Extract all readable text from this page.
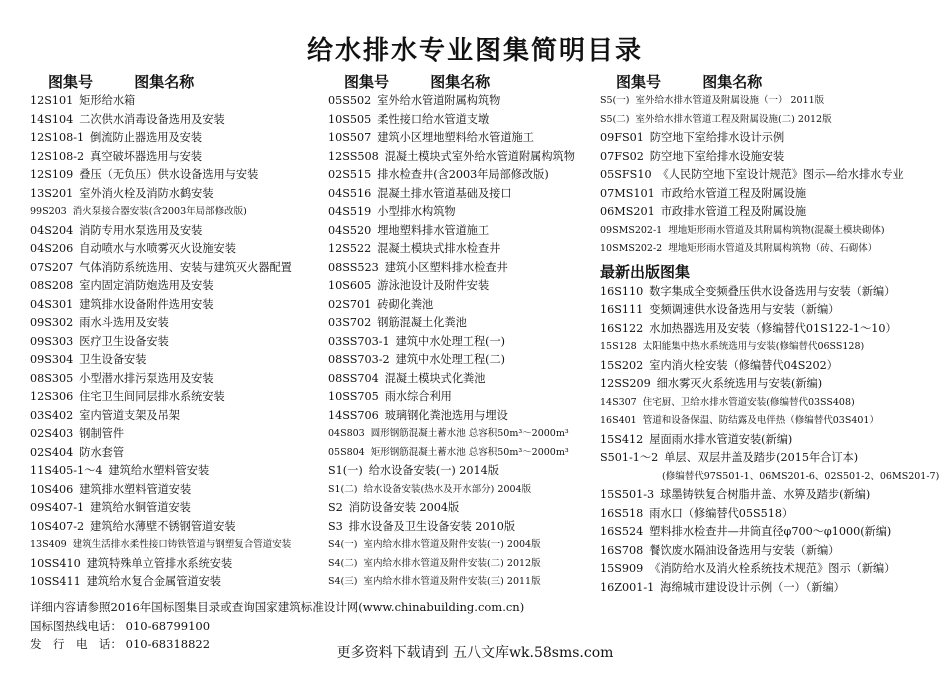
给水排水专业图集简明目录
图集号	图集名称
12S101 矩形给水箱
14S104 二次供水消毒设备选用及安装
12S108-1 倒流防止器选用及安装
12S108-2 真空破坏器选用与安装
12S109 叠压（无负压）供水设备选用与安装
13S201 室外消火栓及消防水鹤安装
99S203 消火泵接合器安装(含2003年局部修改版)
04S204 消防专用水泵选用及安装
04S206 自动喷水与水喷雾灭火设施安装
07S207 气体消防系统选用、安装与建筑灭火器配置
08S208 室内固定消防炮选用及安装
04S301 建筑排水设备附件选用安装
09S302 雨水斗选用及安装
09S303 医疗卫生设备安装
09S304 卫生设备安装
08S305 小型潜水排污泵选用及安装
12S306 住宅卫生间同层排水系统安装
03S402 室内管道支架及吊架
02S403 钢制管件
02S404 防水套管
11S405-1～4 建筑给水塑料管安装
10S406 建筑排水塑料管道安装
09S407-1 建筑给水铜管道安装
10S407-2 建筑给水薄壁不锈钢管道安装
13S409 建筑生活排水柔性接口铸铁管道与钢塑复合管道安装
10SS410 建筑特殊单立管排水系统安装
10SS411 建筑给水复合金属管道安装
图集号	图集名称
05S502 室外给水管道附属构筑物
10S505 柔性接口给水管道支墩
10S507 建筑小区埋地塑料给水管道施工
12SS508 混凝土模块式室外给水管道附属构筑物
02S515 排水检查井(含2003年局部修改版)
04S516 混凝土排水管道基础及接口
04S519 小型排水构筑物
04S520 埋地塑料排水管道施工
12S522 混凝土模块式排水检查井
08SS523 建筑小区塑料排水检查井
10S605 游泳池设计及附件安装
02S701 砖砌化粪池
03S702 钢筋混凝土化粪池
03SS703-1 建筑中水处理工程(一)
08SS703-2 建筑中水处理工程(二)
08SS704 混凝土模块式化粪池
10SS705 雨水综合利用
14SS706 玻璃钢化粪池选用与埋设
04S803 圆形钢筋混凝土蓄水池 总容积50m³～2000m³
05S804 矩形钢筋混凝土蓄水池 总容积50m³～2000m³
S1(一) 给水设备安装(一) 2014版
S1(二) 给水设备安装(热水及开水部分) 2004版
S2 消防设备安装 2004版
S3 排水设备及卫生设备安装 2010版
S4(一) 室内给水排水管道及附件安装(一) 2004版
S4(二) 室内给水排水管道及附件安装(二) 2012版
S4(三) 室内给水排水管道及附件安装(三) 2011版
图集号	图集名称
S5(一) 室外给水排水管道及附属设施（一） 2011版
S5(二) 室外给水排水管道工程及附属设施(二) 2012版
09FS01 防空地下室给排水设计示例
07FS02 防空地下室给排水设施安装
05SFS10 《人民防空地下室设计规范》图示—给水排水专业
07MS101 市政给水管道工程及附属设施
06MS201 市政排水管道工程及附属设施
09SMS202-1 埋地矩形雨水管道及其附属构筑物(混凝土模块砌体)
10SMS202-2 埋地矩形雨水管道及其附属构筑物（砖、石砌体）
最新出版图集
16S110 数字集成全变频叠压供水设备选用与安装（新编）
16S111 变频调速供水设备选用与安装（新编）
16S122 水加热器选用及安装（修编替代01S122-1～10）
15S128 太阳能集中热水系统选用与安装(修编替代06SS128)
15S202 室内消火栓安装（修编替代04S202）
12SS209 细水雾灭火系统选用与安装(新编)
14S307 住宅厨、卫给水排水管道安装(修编替代03SS408)
16S401 管道和设备保温、防结露及电伴热（修编替代03S401）
15S412 屋面雨水排水管道安装(新编)
S501-1～2 单层、双层井盖及踏步(2015年合订本)
(修编替代97S501-1、06MS201-6、02S501-2、06MS201-7)
15S501-3 球墨铸铁复合树脂井盖、水箅及踏步(新编)
16S518 雨水口（修编替代05S518）
16S524 塑料排水检查井—井筒直径φ700～φ1000(新编)
16S708 餐饮废水隔油设备选用与安装（新编）
15S909 《消防给水及消火栓系统技术规范》图示（新编）
16Z001-1 海绵城市建设设计示例（一）（新编）
详细内容请参照2016年国标图集目录或查询国家建筑标准设计网(www.chinabuilding.com.cn)
国标图热线电话： 010-68799100
发　行　电　话： 010-68318822
更多资料下载请到 五八文库wk.58sms.com
